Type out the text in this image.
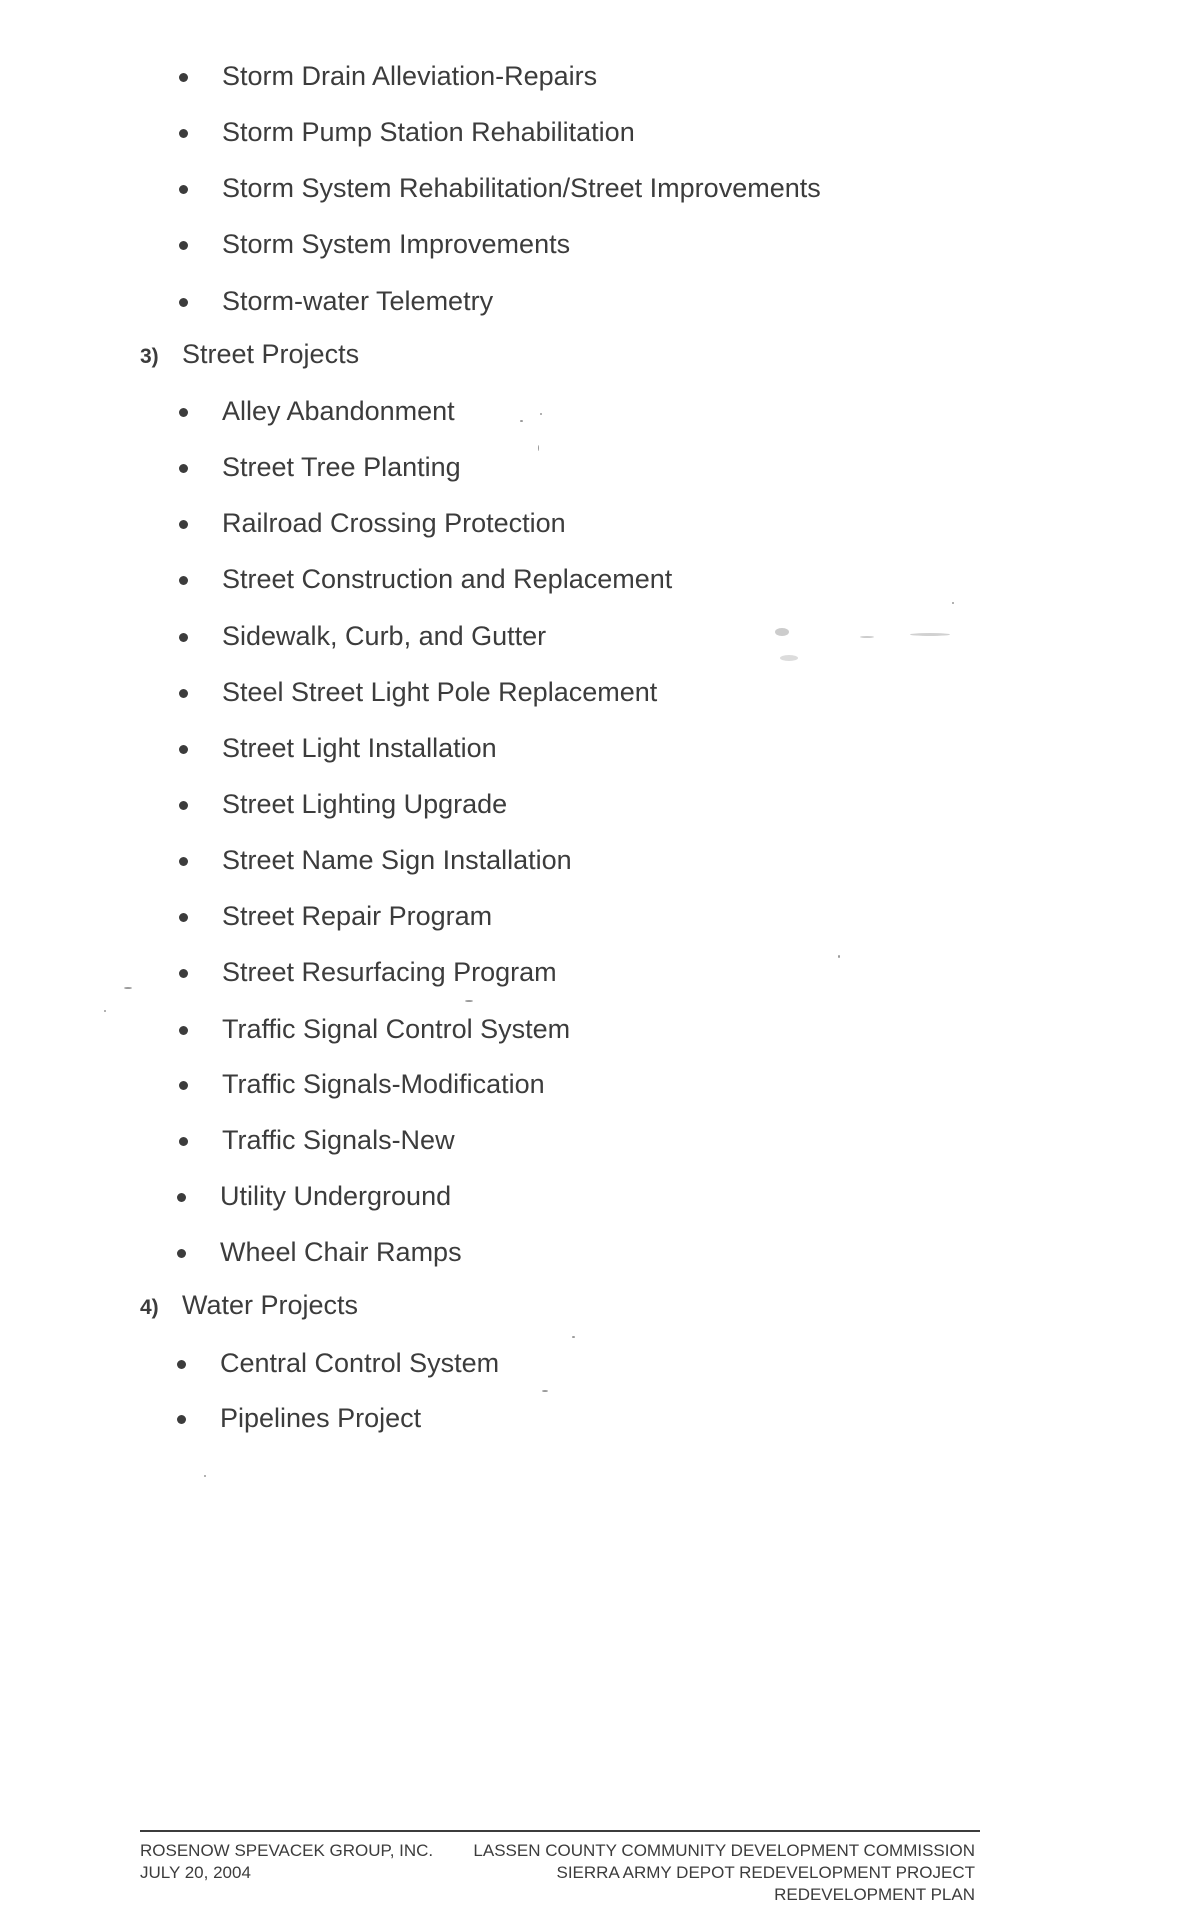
Storm Drain Alleviation-Repairs
Storm Pump Station Rehabilitation
Storm System Rehabilitation/Street Improvements
Storm System Improvements
Storm-water Telemetry
3) Street Projects
Alley Abandonment
Street Tree Planting
Railroad Crossing Protection
Street Construction and Replacement
Sidewalk, Curb, and Gutter
Steel Street Light Pole Replacement
Street Light Installation
Street Lighting Upgrade
Street Name Sign Installation
Street Repair Program
Street Resurfacing Program
Traffic Signal Control System
Traffic Signals-Modification
Traffic Signals-New
Utility Underground
Wheel Chair Ramps
4) Water Projects
Central Control System
Pipelines Project
ROSENOW SPEVACEK GROUP, INC.
JULY 20, 2004
LASSEN COUNTY COMMUNITY DEVELOPMENT COMMISSION
SIERRA ARMY DEPOT REDEVELOPMENT PROJECT
REDEVELOPMENT PLAN
